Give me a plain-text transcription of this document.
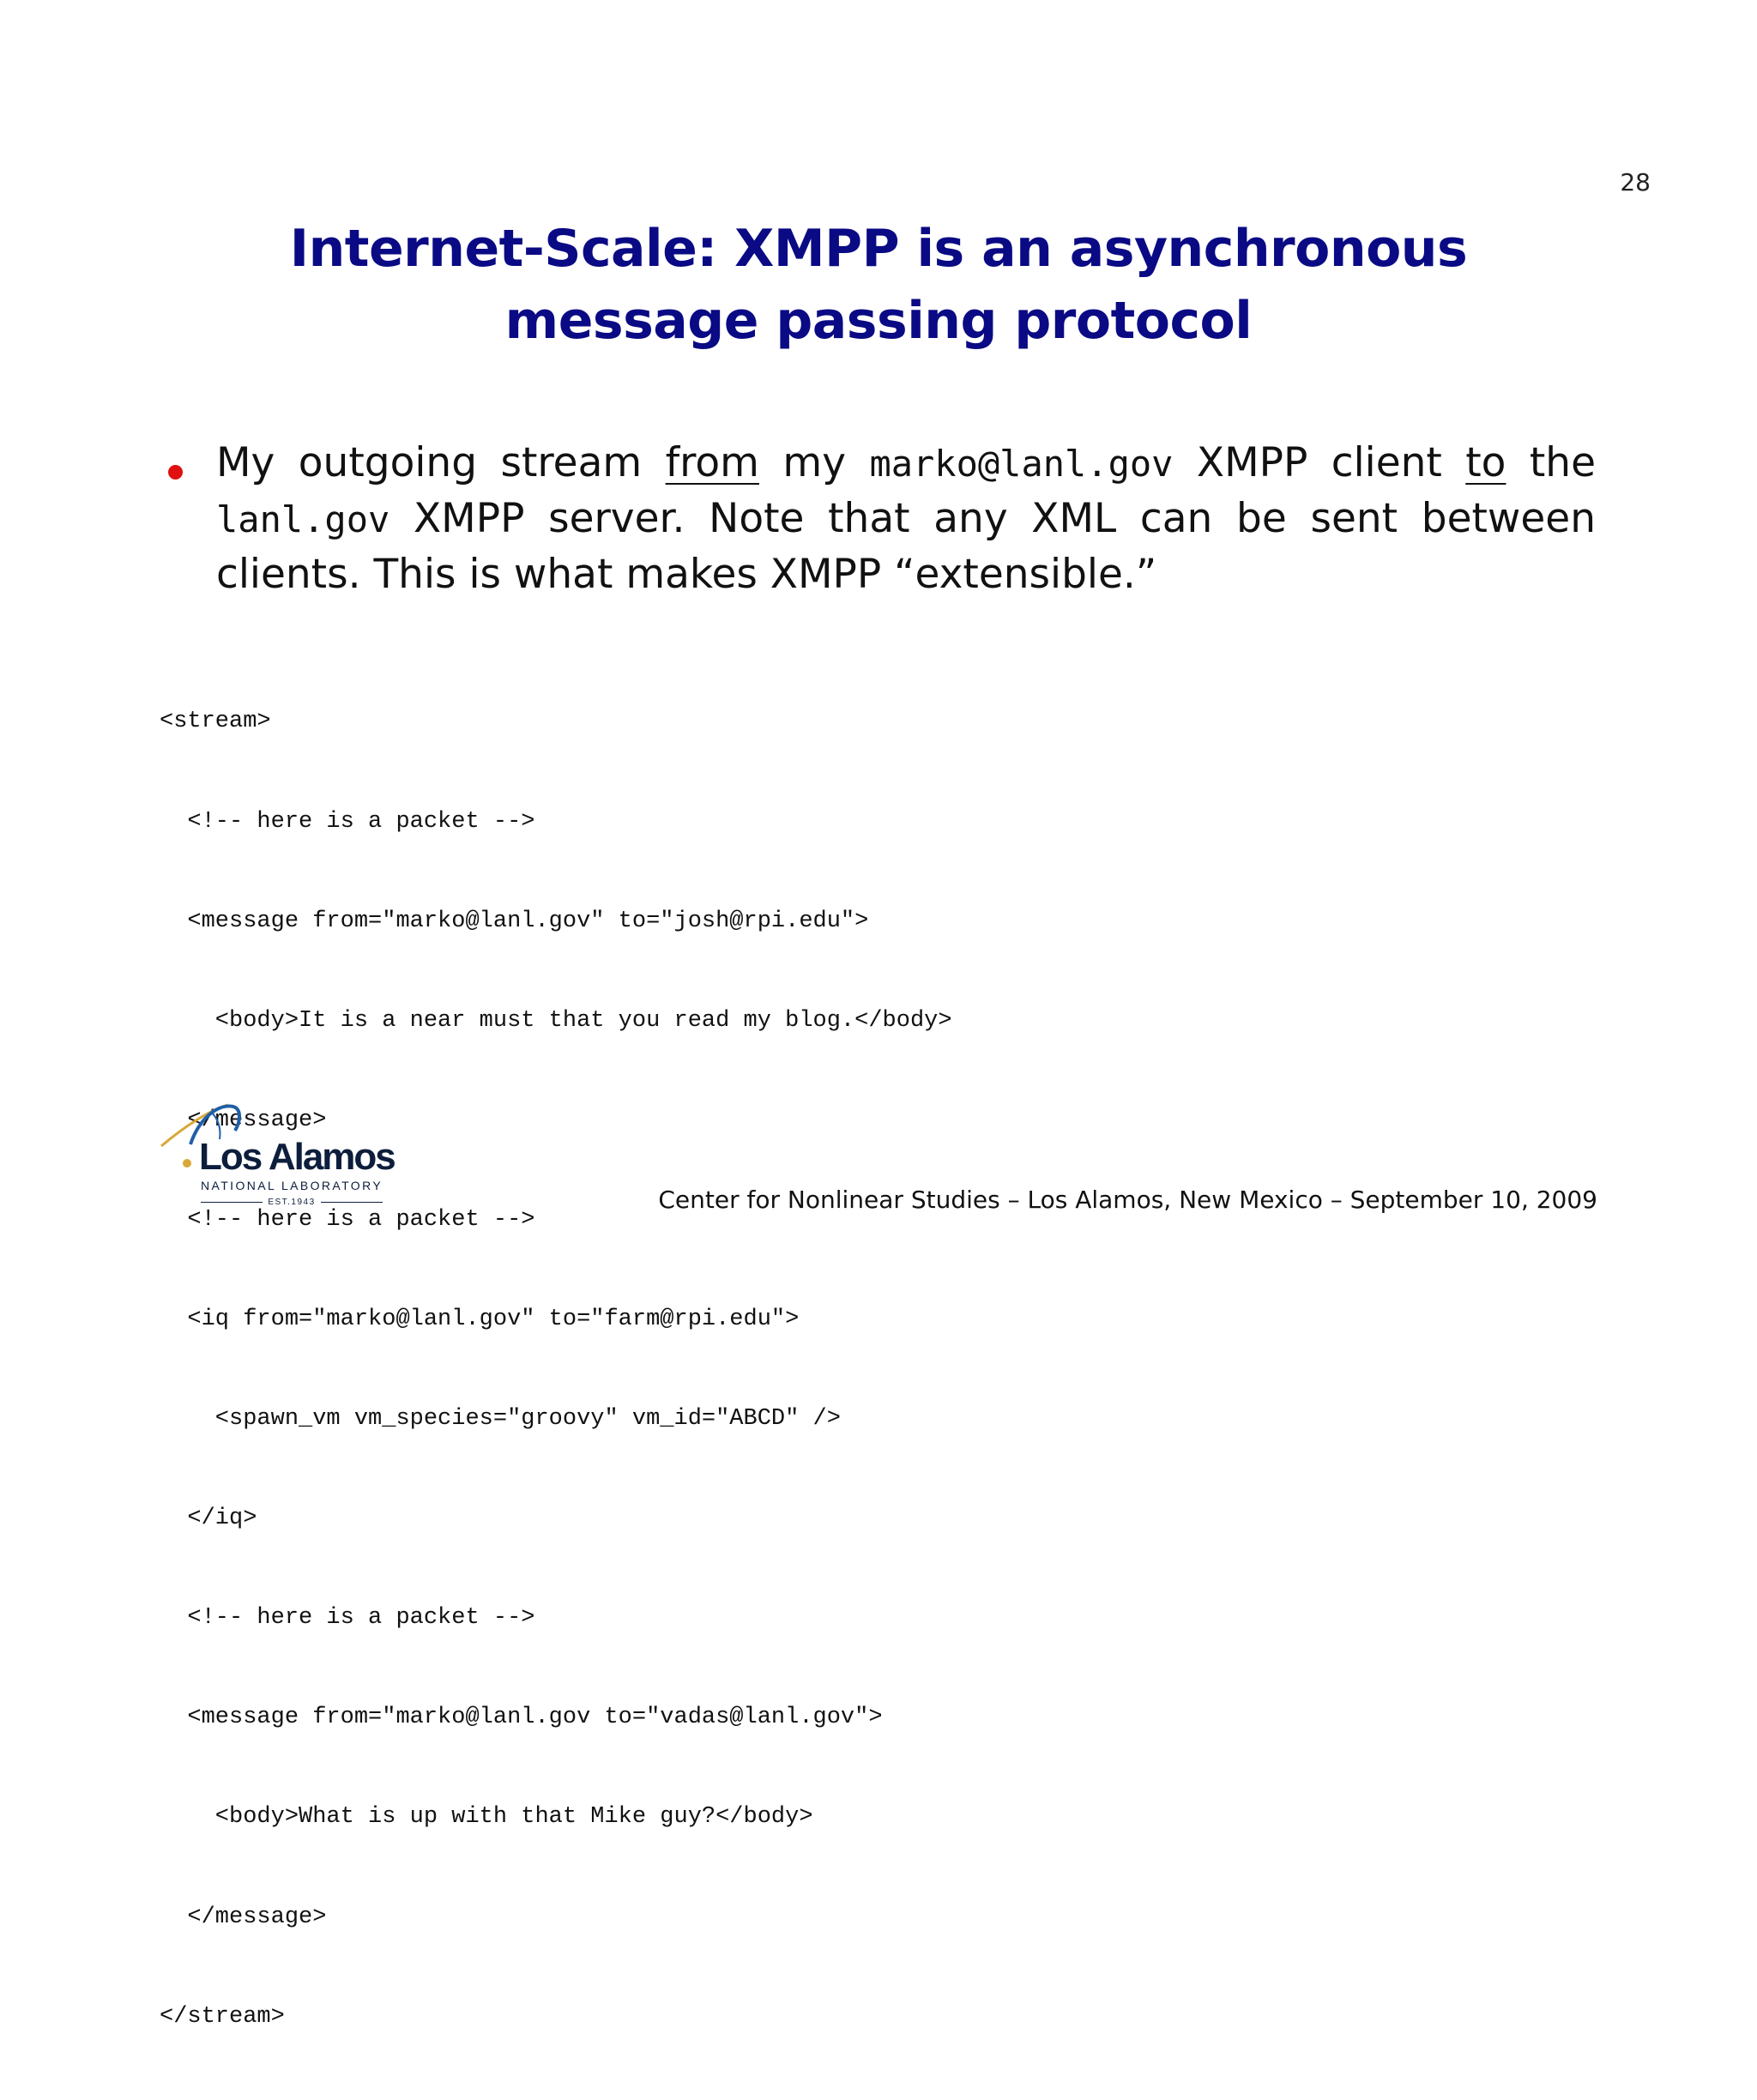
28
Internet-Scale: XMPP is an asynchronous
message passing protocol
My outgoing stream from my marko@lanl.gov XMPP client to the lanl.gov XMPP server. Note that any XML can be sent between clients. This is what makes XMPP “extensible.”

<stream>

<!-- here is a packet -->

<message from="marko@lanl.gov" to="josh@rpi.edu">

<body>It is a near must that you read my blog.</body>

</message>

<!-- here is a packet -->

<iq from="marko@lanl.gov" to="farm@rpi.edu">

<spawn_vm vm_species="groovy" vm_id="ABCD" />

</iq>

<!-- here is a packet -->

<message from="marko@lanl.gov to="vadas@lanl.gov">

<body>What is up with that Mike guy?</body>

</message>

</stream>

Los Alamos
NATIONAL LABORATORY
EST.1943	Center for Nonlinear Studies – Los Alamos, New Mexico – September 10, 2009
